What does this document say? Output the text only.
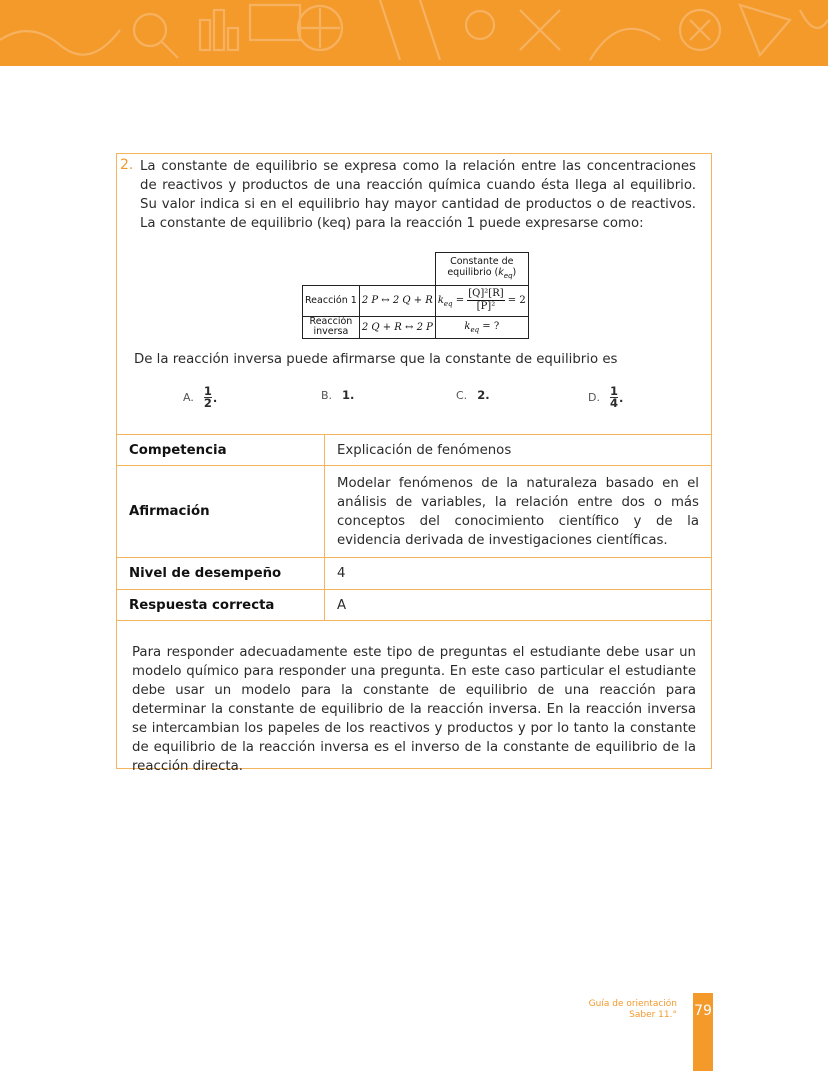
2. La constante de equilibrio se expresa como la relación entre las concentraciones de reactivos y productos de una reacción química cuando ésta llega al equilibrio. Su valor indica si en el equilibrio hay mayor cantidad de productos o de reactivos. La constante de equilibrio (keq) para la reacción 1 puede expresarse como:
		Constante de
equilibrio $(k_{eq})$
Reacción 1	2 P ↔ 2 Q + R	$k_{eq} = \frac{\text{[Q]²[R]}}{\text{[P]²}} = 2$
Reacción
inversa	2 Q + R ↔ 2 P	$k_{eq}$ = ?
De la reacción inversa puede afirmarse que la constante de equilibrio es
A. 1
2 .	B. 1.	C. 2.	D. 1
4 .
Competencia	Explicación de fenómenos
Afirmación	Modelar fenómenos de la naturaleza basado en el análisis de variables, la relación entre dos o más conceptos del conocimiento científico y de la evidencia derivada de investigaciones científicas.
Nivel de desempeño	4
Respuesta correcta	A
Para responder adecuadamente este tipo de preguntas el estudiante debe usar un modelo químico para responder una pregunta. En este caso particular el estudiante debe usar un modelo para la constante de equilibrio de una reacción para determinar la constante de equilibrio de la reacción inversa. En la reacción inversa se intercambian los papeles de los reactivos y productos y por lo tanto la constante de equilibrio de la reacción inversa es el inverso de la constante de equilibrio de la reacción directa.
Guía de orientación
Saber 11.° 79
